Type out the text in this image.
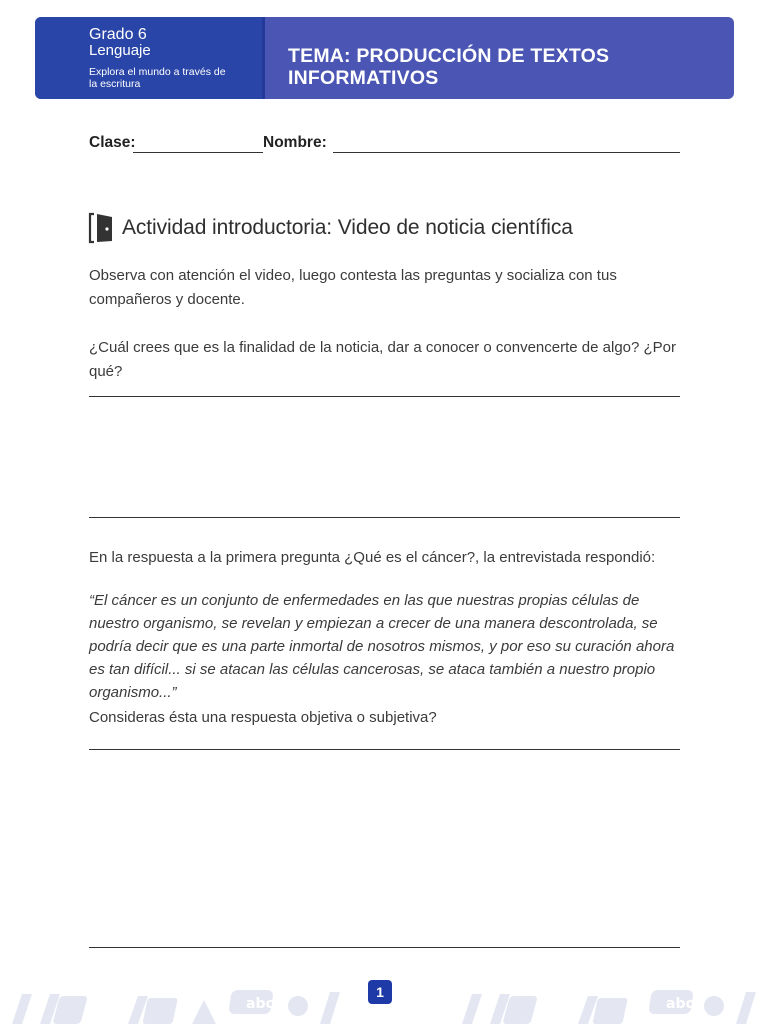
Grado 6
Lenguaje
Explora el mundo a través de la escritura
TEMA: PRODUCCIÓN DE TEXTOS
INFORMATIVOS
Clase:	Nombre:
Actividad introductoria: Video de noticia científica
Observa con atención el video, luego contesta las preguntas y socializa con tus compañeros y docente.
¿Cuál crees que es la finalidad de la noticia, dar a conocer o convencerte de algo? ¿Por qué?
En la respuesta a la primera pregunta ¿Qué es el cáncer?, la entrevistada respondió:
“El cáncer es un conjunto de enfermedades en las que nuestras propias células de nuestro organismo, se revelan y empiezan a crecer de una manera descontrolada, se podría decir que es una parte inmortal de nosotros mismos, y por eso su curación ahora es tan difícil... si se atacan las células cancerosas, se ataca también a nuestro propio organismo...”
Consideras ésta una respuesta objetiva o subjetiva?
abc	abc
1
